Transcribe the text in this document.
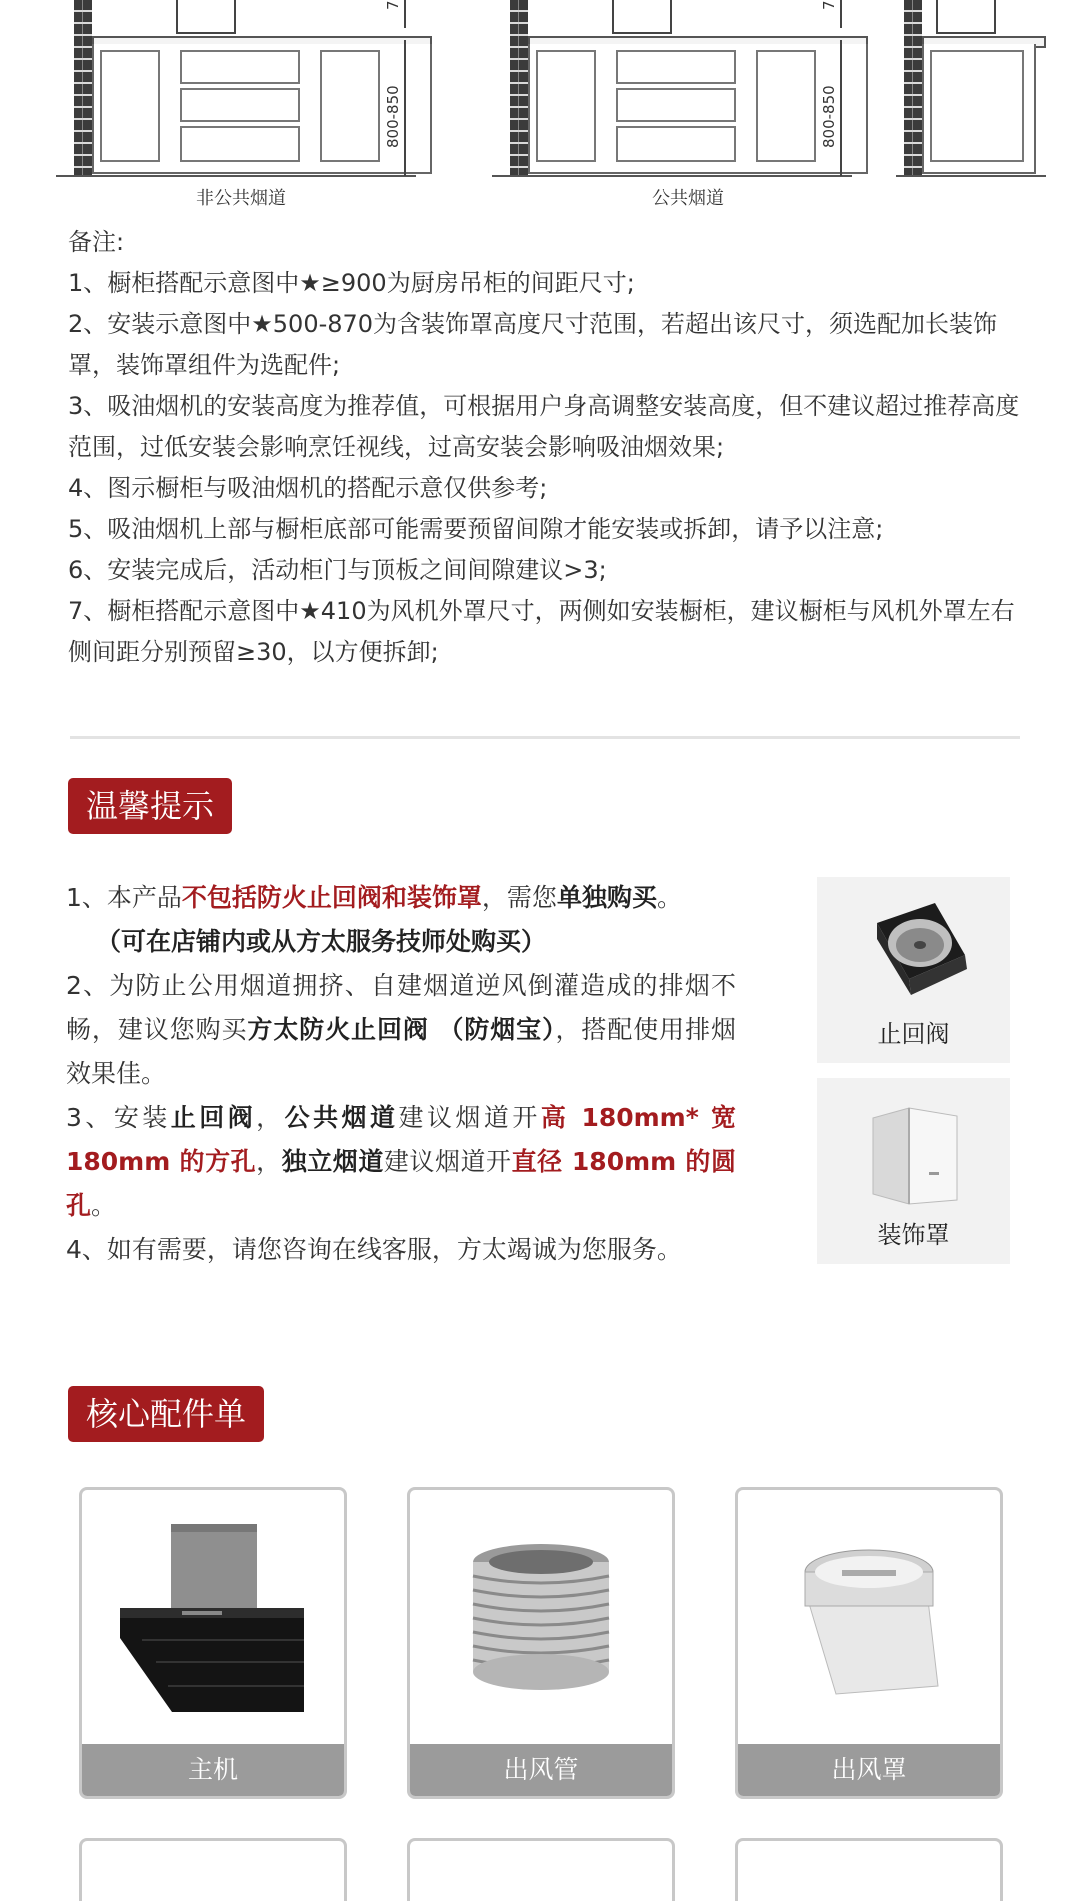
800-850
7
非公共烟道
800-850
7
公共烟道

备注:

1、橱柜搭配示意图中★≥900为厨房吊柜的间距尺寸;

2、安装示意图中★500-870为含装饰罩高度尺寸范围，若超出该尺寸，须选配加长装饰罩，装饰罩组件为选配件;

3、吸油烟机的安装高度为推荐值，可根据用户身高调整安装高度，但不建议超过推荐高度范围，过低安装会影响烹饪视线，过高安装会影响吸油烟效果;

4、图示橱柜与吸油烟机的搭配示意仅供参考;

5、吸油烟机上部与橱柜底部可能需要预留间隙才能安装或拆卸，请予以注意;

6、安装完成后，活动柜门与顶板之间间隙建议>3;

7、橱柜搭配示意图中★410为风机外罩尺寸，两侧如安装橱柜，建议橱柜与风机外罩左右侧间距分别预留≥30，以方便拆卸;

温馨提示

1、本产品不包括防火止回阀和装饰罩，需您单独购买。

（可在店铺内或从方太服务技师处购买）

2、为防止公用烟道拥挤、自建烟道逆风倒灌造成的排烟不畅，建议您购买方太防火止回阀 （防烟宝），搭配使用排烟效果佳。

3、安装止回阀，公共烟道建议烟道开高 180mm* 宽 180mm 的方孔，独立烟道建议烟道开直径 180mm 的圆孔。

4、如有需要，请您咨询在线客服，方太竭诚为您服务。

止回阀
装饰罩
核心配件单
主机	出风管	出风罩
